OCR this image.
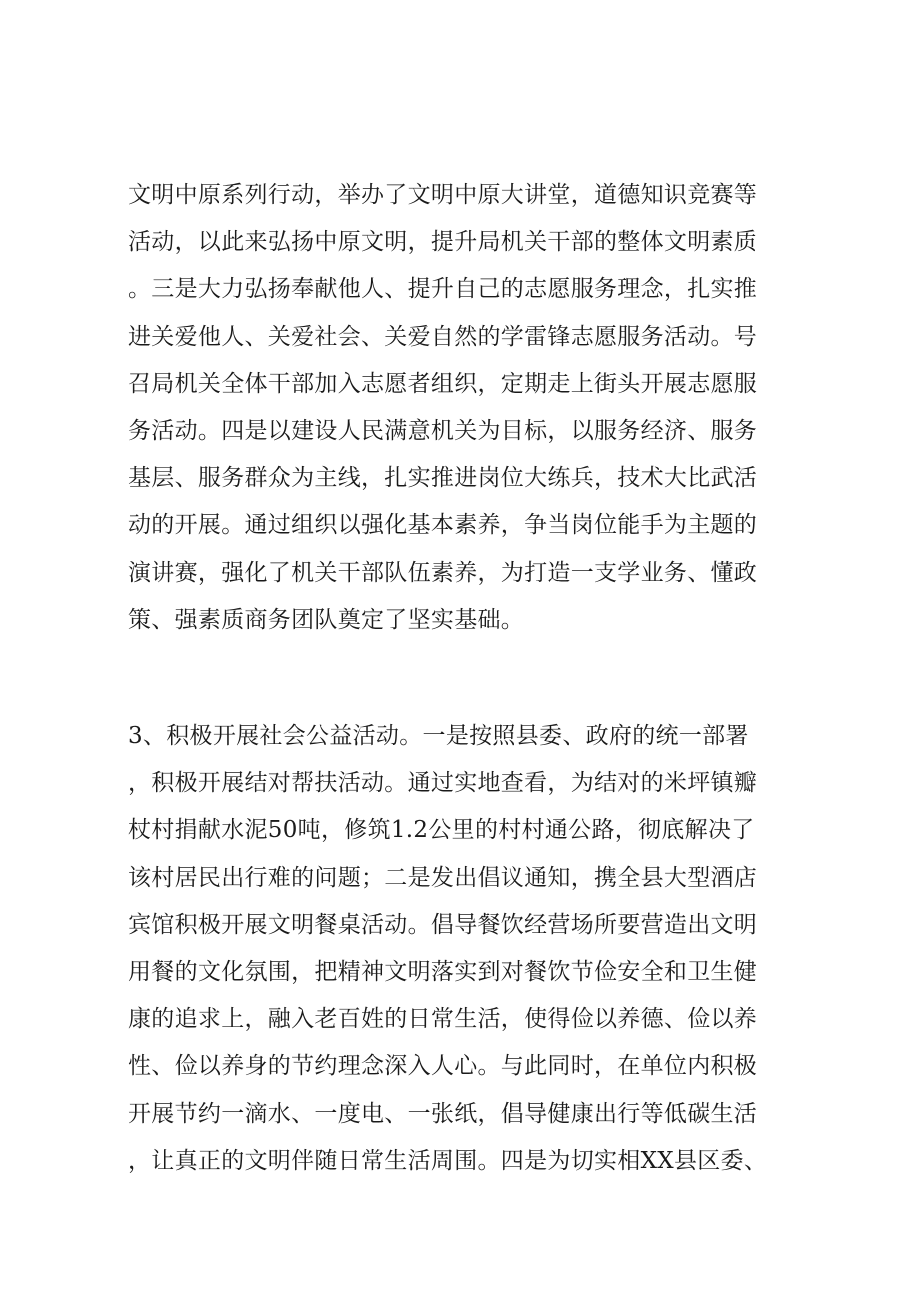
文明中原系列行动，举办了文明中原大讲堂，道德知识竞赛等
活动，以此来弘扬中原文明，提升局机关干部的整体文明素质
。三是大力弘扬奉献他人、提升自己的志愿服务理念，扎实推
进关爱他人、关爱社会、关爱自然的学雷锋志愿服务活动。号
召局机关全体干部加入志愿者组织，定期走上街头开展志愿服
务活动。四是以建设人民满意机关为目标，以服务经济、服务
基层、服务群众为主线，扎实推进岗位大练兵，技术大比武活
动的开展。通过组织以强化基本素养，争当岗位能手为主题的
演讲赛，强化了机关干部队伍素养，为打造一支学业务、懂政
策、强素质商务团队奠定了坚实基础。
3、积极开展社会公益活动。一是按照县委、政府的统一部署
，积极开展结对帮扶活动。通过实地查看，为结对的米坪镇瓣
杖村捐献水泥50吨，修筑1.2公里的村村通公路，彻底解决了
该村居民出行难的问题；二是发出倡议通知，携全县大型酒店
宾馆积极开展文明餐桌活动。倡导餐饮经营场所要营造出文明
用餐的文化氛围，把精神文明落实到对餐饮节俭安全和卫生健
康的追求上，融入老百姓的日常生活，使得俭以养德、俭以养
性、俭以养身的节约理念深入人心。与此同时，在单位内积极
开展节约一滴水、一度电、一张纸，倡导健康出行等低碳生活
，让真正的文明伴随日常生活周围。四是为切实相XX县区委、
